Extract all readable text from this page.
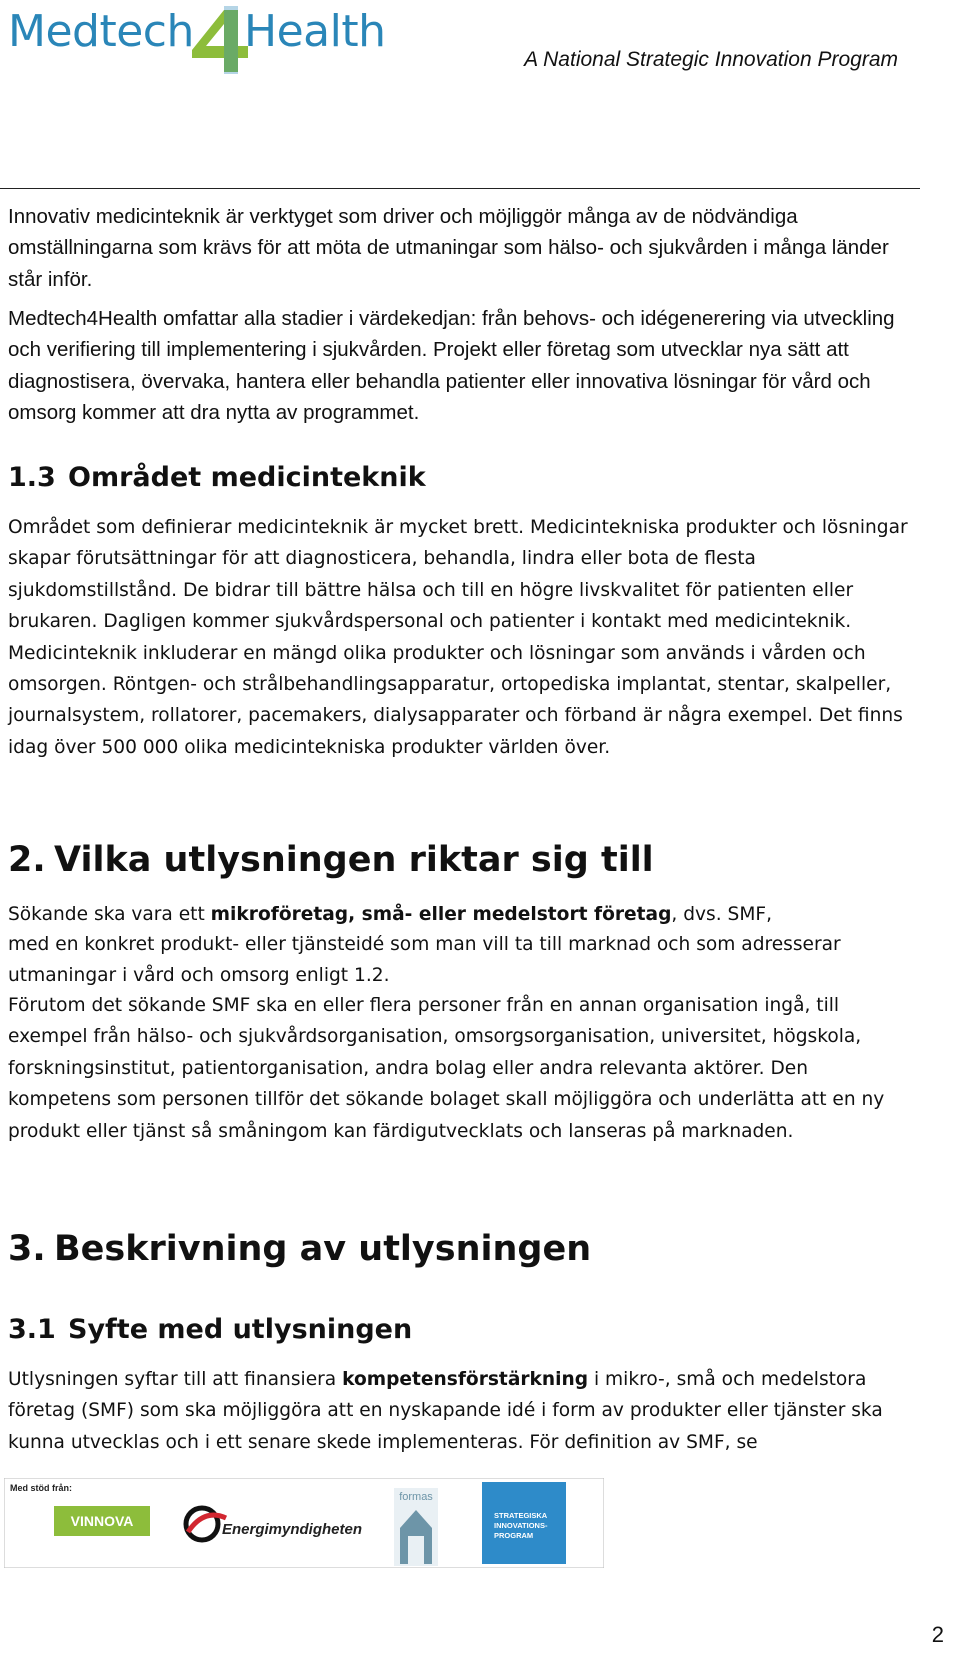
Medtech Health
A National Strategic Innovation Program

Innovativ medicinteknik är verktyget som driver och möjliggör många av de nödvändiga omställningarna som krävs för att möta de utmaningar som hälso- och sjukvården i många länder står inför.

Medtech4Health omfattar alla stadier i värdekedjan: från behovs- och idégenerering via utveckling och verifiering till implementering i sjukvården. Projekt eller företag som utvecklar nya sätt att diagnostisera, övervaka, hantera eller behandla patienter eller innovativa lösningar för vård och omsorg kommer att dra nytta av programmet.

1.3 Området medicinteknik

Området som definierar medicinteknik är mycket brett. Medicintekniska produkter och lösningar skapar förutsättningar för att diagnosticera, behandla, lindra eller bota de flesta sjukdomstillstånd. De bidrar till bättre hälsa och till en högre livskvalitet för patienten eller brukaren. Dagligen kommer sjukvårdspersonal och patienter i kontakt med medicinteknik. Medicinteknik inkluderar en mängd olika produkter och lösningar som används i vården och omsorgen. Röntgen- och strålbehandlingsapparatur, ortopediska implantat, stentar, skalpeller, journalsystem, rollatorer, pacemakers, dialysapparater och förband är några exempel. Det finns idag över 500 000 olika medicintekniska produkter världen över.

2. Vilka utlysningen riktar sig till

Sökande ska vara ett mikroföretag, små- eller medelstort företag, dvs. SMF,

med en konkret produkt- eller tjänsteidé som man vill ta till marknad och som adresserar utmaningar i vård och omsorg enligt 1.2.

Förutom det sökande SMF ska en eller flera personer från en annan organisation ingå, till exempel från hälso- och sjukvårdsorganisation, omsorgsorganisation, universitet, högskola, forskningsinstitut, patientorganisation, andra bolag eller andra relevanta aktörer. Den kompetens som personen tillför det sökande bolaget skall möjliggöra och underlätta att en ny produkt eller tjänst så småningom kan färdigutvecklats och lanseras på marknaden.

3. Beskrivning av utlysningen
3.1 Syfte med utlysningen

Utlysningen syftar till att finansiera kompetensförstärkning i mikro-, små och medelstora företag (SMF) som ska möjliggöra att en nyskapande idé i form av produkter eller tjänster ska kunna utvecklas och i ett senare skede implementeras. För definition av SMF, se

Med stöd från:
VINNOVA	Energimyndigheten
formas
STRATEGISKA
INNOVATIONS-
PROGRAM
2
